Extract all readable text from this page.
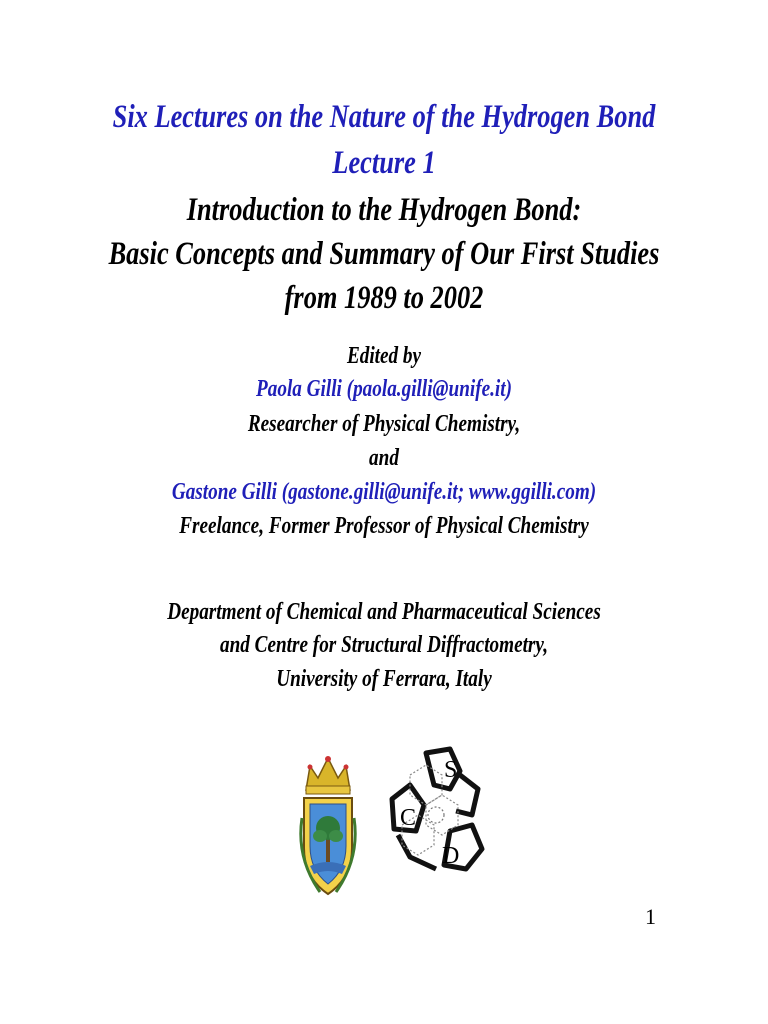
Six Lectures on the Nature of the Hydrogen Bond
Lecture 1
Introduction to the Hydrogen Bond:
Basic Concepts and Summary of Our First Studies
from 1989 to 2002
Edited by
Paola Gilli (paola.gilli@unife.it)
Researcher of Physical Chemistry,
and
Gastone Gilli (gastone.gilli@unife.it; www.ggilli.com)
Freelance, Former Professor of Physical Chemistry
Department of Chemical and Pharmaceutical Sciences
and Centre for Structural Diffractometry,
University of Ferrara, Italy
S
C
D
1
